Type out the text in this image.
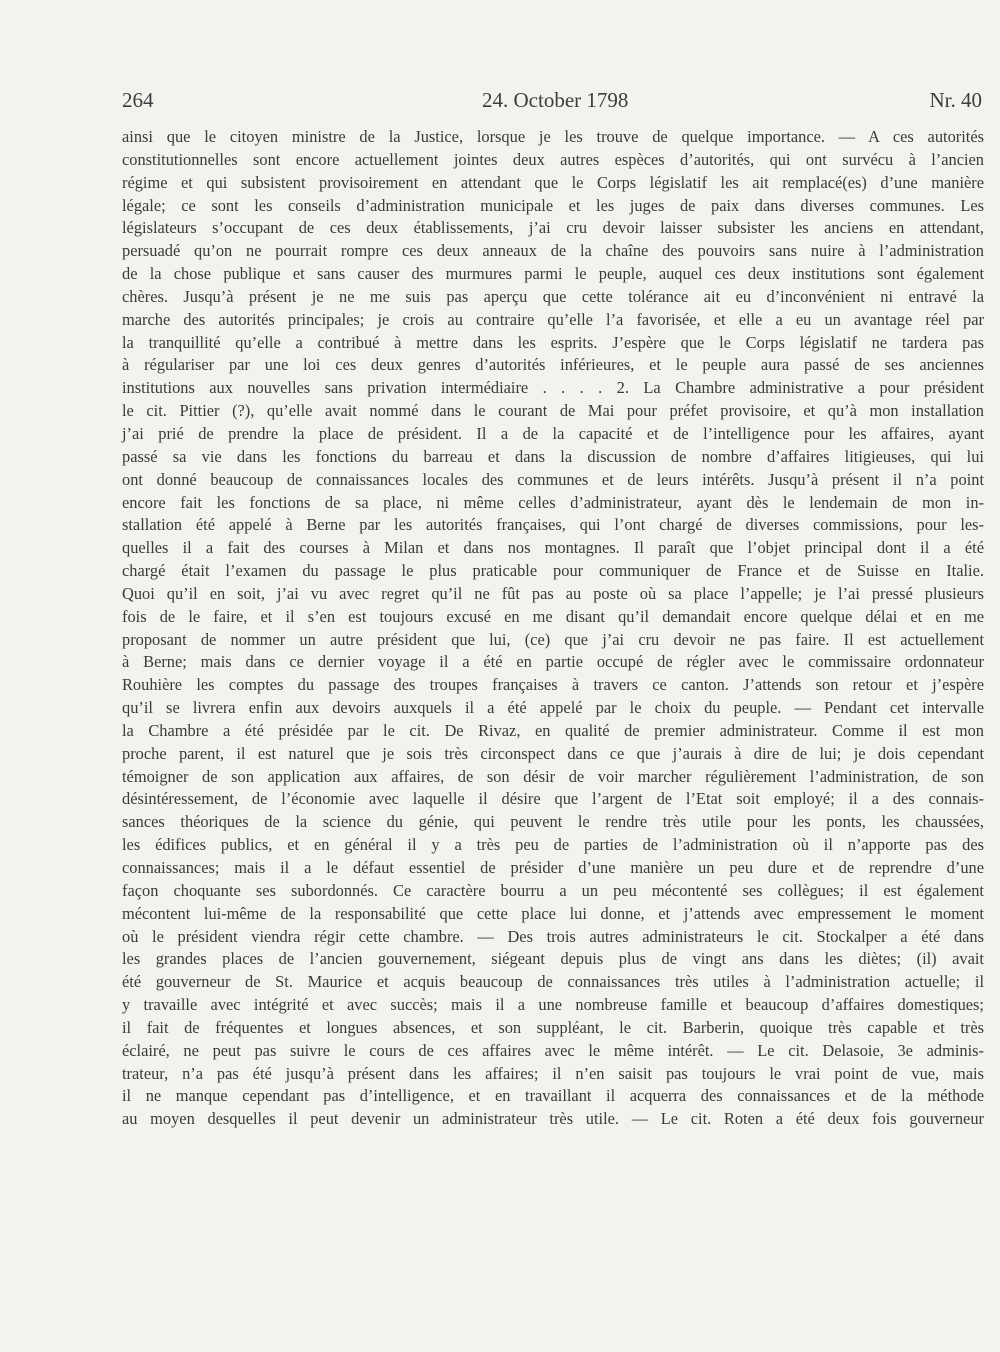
264	24. October 1798	Nr. 40
ainsi que le citoyen ministre de la Justice, lorsque je les trouve de quelque importance. — A ces autorités
constitutionnelles sont encore actuellement jointes deux autres espèces d’autorités, qui ont survécu à l’ancien
régime et qui subsistent provisoirement en attendant que le Corps législatif les ait remplacé(es) d’une manière
légale; ce sont les conseils d’administration municipale et les juges de paix dans diverses communes. Les
législateurs s’occupant de ces deux établissements, j’ai cru devoir laisser subsister les anciens en attendant,
persuadé qu’on ne pourrait rompre ces deux anneaux de la chaîne des pouvoirs sans nuire à l’administration
de la chose publique et sans causer des murmures parmi le peuple, auquel ces deux institutions sont également
chères. Jusqu’à présent je ne me suis pas aperçu que cette tolérance ait eu d’inconvénient ni entravé la
marche des autorités principales; je crois au contraire qu’elle l’a favorisée, et elle a eu un avantage réel par
la tranquillité qu’elle a contribué à mettre dans les esprits. J’espère que le Corps législatif ne tardera pas
à régulariser par une loi ces deux genres d’autorités inférieures, et le peuple aura passé de ses anciennes
institutions aux nouvelles sans privation intermédiaire . . . . 2. La Chambre administrative a pour président
le cit. Pittier (?), qu’elle avait nommé dans le courant de Mai pour préfet provisoire, et qu’à mon installation
j’ai prié de prendre la place de président. Il a de la capacité et de l’intelligence pour les affaires, ayant
passé sa vie dans les fonctions du barreau et dans la discussion de nombre d’affaires litigieuses, qui lui
ont donné beaucoup de connaissances locales des communes et de leurs intérêts. Jusqu’à présent il n’a point
encore fait les fonctions de sa place, ni même celles d’administrateur, ayant dès le lendemain de mon in-
stallation été appelé à Berne par les autorités françaises, qui l’ont chargé de diverses commissions, pour les-
quelles il a fait des courses à Milan et dans nos montagnes. Il paraît que l’objet principal dont il a été
chargé était l’examen du passage le plus praticable pour communiquer de France et de Suisse en Italie.
Quoi qu’il en soit, j’ai vu avec regret qu’il ne fût pas au poste où sa place l’appelle; je l’ai pressé plusieurs
fois de le faire, et il s’en est toujours excusé en me disant qu’il demandait encore quelque délai et en me
proposant de nommer un autre président que lui, (ce) que j’ai cru devoir ne pas faire. Il est actuellement
à Berne; mais dans ce dernier voyage il a été en partie occupé de régler avec le commissaire ordonnateur
Rouhière les comptes du passage des troupes françaises à travers ce canton. J’attends son retour et j’espère
qu’il se livrera enfin aux devoirs auxquels il a été appelé par le choix du peuple. — Pendant cet intervalle
la Chambre a été présidée par le cit. De Rivaz, en qualité de premier administrateur. Comme il est mon
proche parent, il est naturel que je sois très circonspect dans ce que j’aurais à dire de lui; je dois cependant
témoigner de son application aux affaires, de son désir de voir marcher régulièrement l’administration, de son
désintéressement, de l’économie avec laquelle il désire que l’argent de l’Etat soit employé; il a des connais-
sances théoriques de la science du génie, qui peuvent le rendre très utile pour les ponts, les chaussées,
les édifices publics, et en général il y a très peu de parties de l’administration où il n’apporte pas des
connaissances; mais il a le défaut essentiel de présider d’une manière un peu dure et de reprendre d’une
façon choquante ses subordonnés. Ce caractère bourru a un peu mécontenté ses collègues; il est également
mécontent lui-même de la responsabilité que cette place lui donne, et j’attends avec empressement le moment
où le président viendra régir cette chambre. — Des trois autres administrateurs le cit. Stockalper a été dans
les grandes places de l’ancien gouvernement, siégeant depuis plus de vingt ans dans les diètes; (il) avait
été gouverneur de St. Maurice et acquis beaucoup de connaissances très utiles à l’administration actuelle; il
y travaille avec intégrité et avec succès; mais il a une nombreuse famille et beaucoup d’affaires domestiques;
il fait de fréquentes et longues absences, et son suppléant, le cit. Barberin, quoique très capable et très
éclairé, ne peut pas suivre le cours de ces affaires avec le même intérêt. — Le cit. Delasoie, 3e adminis-
trateur, n’a pas été jusqu’à présent dans les affaires; il n’en saisit pas toujours le vrai point de vue, mais
il ne manque cependant pas d’intelligence, et en travaillant il acquerra des connaissances et de la méthode
au moyen desquelles il peut devenir un administrateur très utile. — Le cit. Roten a été deux fois gouverneur
